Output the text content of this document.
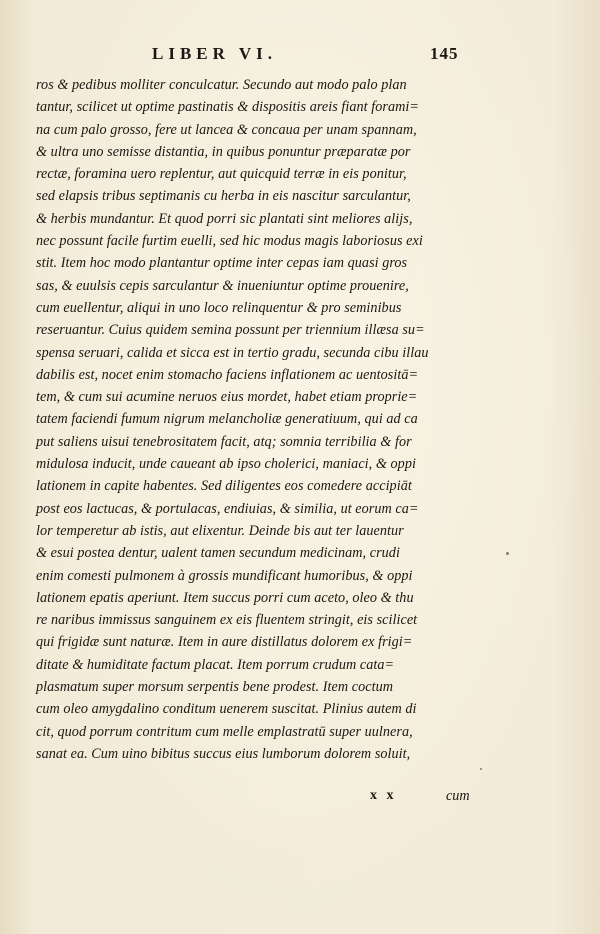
LIBER VI.	145
ros & pedibus molliter conculcatur. Secundo aut modo palo plan
tantur, scilicet ut optime pastinatis & dispositis areis fiant forami=
na cum palo grosso, fere ut lancea & concaua per unam spannam,
& ultra uno semisse distantia, in quibus ponuntur præparatæ por
rectæ, foramina uero replentur, aut quicquid terræ in eis ponitur,
sed elapsis tribus septimanis cu herba in eis nascitur sarculantur,
& herbis mundantur. Et quod porri sic plantati sint meliores alijs,
nec possunt facile furtim euelli, sed hic modus magis laboriosus exi
stit. Item hoc modo plantantur optime inter cepas iam quasi gros
sas, & euulsis cepis sarculantur & inueniuntur optime prouenire,
cum euellentur, aliqui in uno loco relinquentur & pro seminibus
reseruantur. Cuius quidem semina possunt per triennium illæsa su=
spensa seruari, calida et sicca est in tertio gradu, secunda cibu illau
dabilis est, nocet enim stomacho faciens inflationem ac uentositā=
tem, & cum sui acumine neruos eius mordet, habet etiam proprie=
tatem faciendi fumum nigrum melancholiæ generatiuum, qui ad ca
put saliens uisui tenebrositatem facit, atq; somnia terribilia & for
midulosa inducit, unde caueant ab ipso cholerici, maniaci, & oppi
lationem in capite habentes. Sed diligentes eos comedere accipiāt
post eos lactucas, & portulacas, endiuias, & similia, ut eorum ca=
lor temperetur ab istis, aut elixentur. Deinde bis aut ter lauentur
& esui postea dentur, ualent tamen secundum medicinam, crudi
enim comesti pulmonem à grossis mundificant humoribus, & oppi
lationem epatis aperiunt. Item succus porri cum aceto, oleo & thu
re naribus immissus sanguinem ex eis fluentem stringit, eis scilicet
qui frigidæ sunt naturæ. Item in aure distillatus dolorem ex frigi=
ditate & humiditate factum placat. Item porrum crudum cata=
plasmatum super morsum serpentis bene prodest. Item coctum
cum oleo amygdalino conditum uenerem suscitat. Plinius autem di
cit, quod porrum contritum cum melle emplastratū super uulnera,
sanat ea. Cum uino bibitus succus eius lumborum dolorem soluit,
x x	cum
